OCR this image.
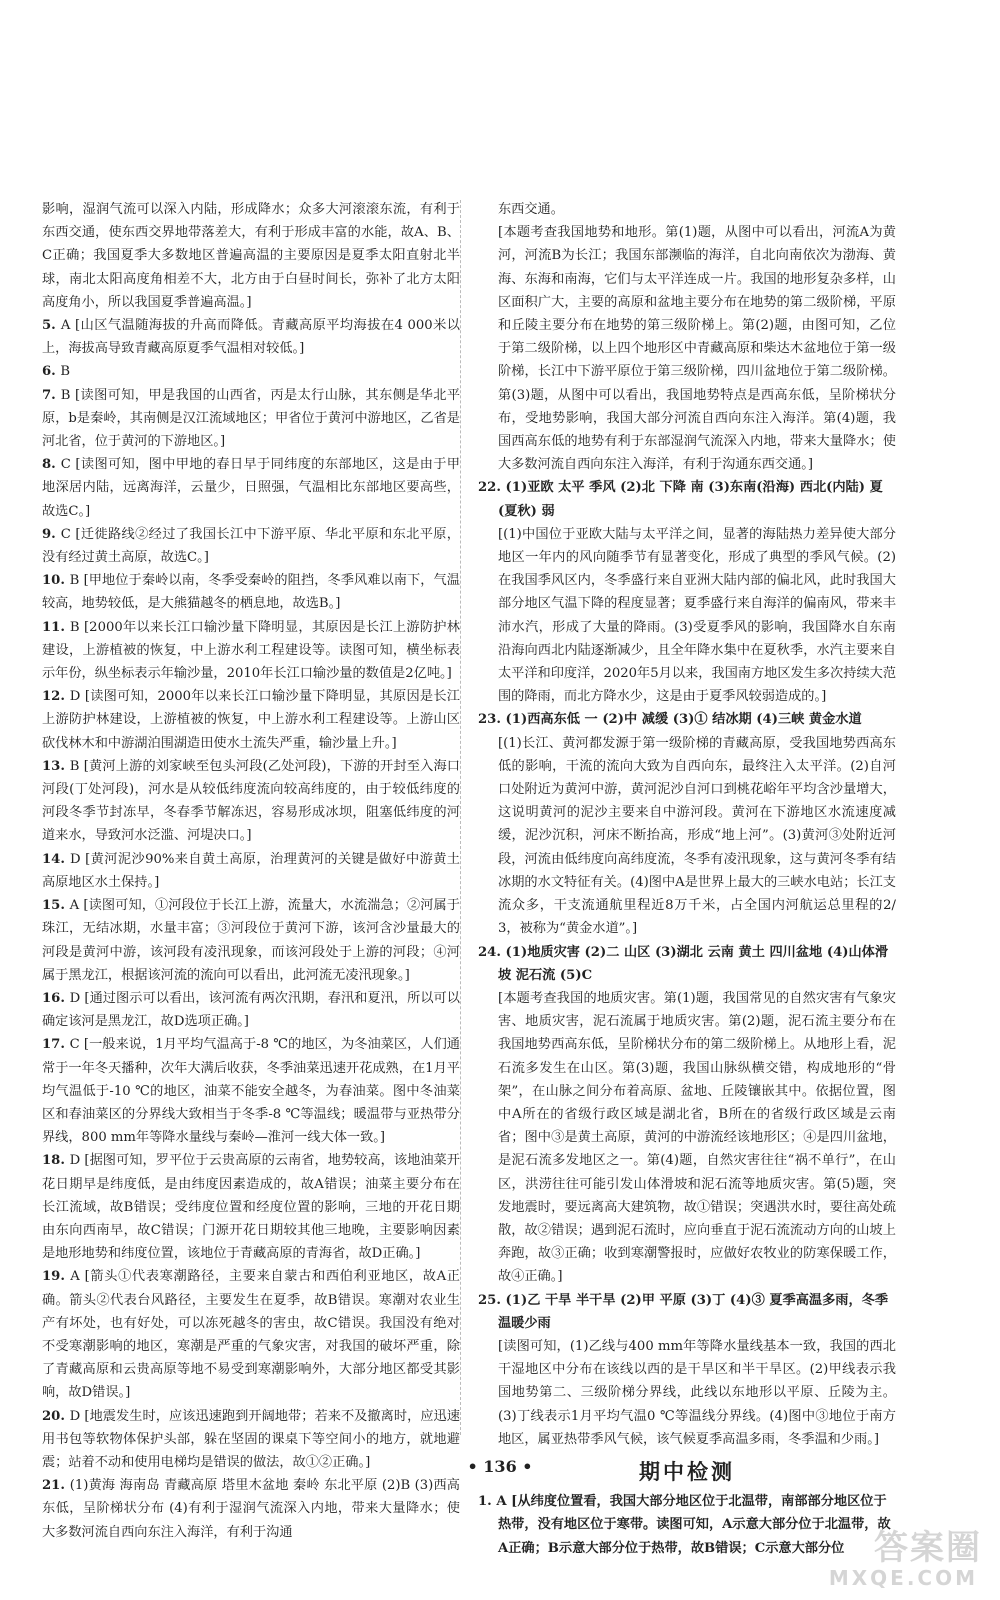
影响，湿润气流可以深入内陆，形成降水；众多大河滚滚东流，有利于东西交通，使东西交界地带落差大，有利于形成丰富的水能，故A、B、C正确；我国夏季大多数地区普遍高温的主要原因是夏季太阳直射北半球，南北太阳高度角相差不大，北方由于白昼时间长，弥补了北方太阳高度角小，所以我国夏季普遍高温。]

5. A [山区气温随海拔的升高而降低。青藏高原平均海拔在4 000米以上，海拔高导致青藏高原夏季气温相对较低。]

6. B

7. B [读图可知，甲是我国的山西省，丙是太行山脉，其东侧是华北平原，b是秦岭，其南侧是汉江流域地区；甲省位于黄河中游地区，乙省是河北省，位于黄河的下游地区。]

8. C [读图可知，图中甲地的春日早于同纬度的东部地区，这是由于甲地深居内陆，远离海洋，云量少，日照强，气温相比东部地区要高些，故选C。]

9. C [迁徙路线②经过了我国长江中下游平原、华北平原和东北平原，没有经过黄土高原，故选C。]

10. B [甲地位于秦岭以南，冬季受秦岭的阻挡，冬季风难以南下，气温较高，地势较低，是大熊猫越冬的栖息地，故选B。]

11. B [2000年以来长江口输沙量下降明显，其原因是长江上游防护林建设，上游植被的恢复，中上游水利工程建设等。读图可知，横坐标表示年份，纵坐标表示年输沙量，2010年长江口输沙量的数值是2亿吨。]

12. D [读图可知，2000年以来长江口输沙量下降明显，其原因是长江上游防护林建设，上游植被的恢复，中上游水利工程建设等。上游山区砍伐林木和中游湖泊围湖造田使水土流失严重，输沙量上升。]

13. B [黄河上游的刘家峡至包头河段(乙处河段)，下游的开封至入海口河段(丁处河段)，河水是从较低纬度流向较高纬度的，由于较低纬度的河段冬季节封冻早，冬春季节解冻迟，容易形成冰坝，阻塞低纬度的河道来水，导致河水泛滥、河堤决口。]

14. D [黄河泥沙90%来自黄土高原，治理黄河的关键是做好中游黄土高原地区水土保持。]

15. A [读图可知，①河段位于长江上游，流量大，水流湍急；②河属于珠江，无结冰期，水量丰富；③河段位于黄河下游，该河含沙量最大的河段是黄河中游，该河段有凌汛现象，而该河段处于上游的河段；④河属于黑龙江，根据该河流的流向可以看出，此河流无凌汛现象。]

16. D [通过图示可以看出，该河流有两次汛期，春汛和夏汛，所以可以确定该河是黑龙江，故D选项正确。]

17. C [一般来说，1月平均气温高于-8 ℃的地区，为冬油菜区，人们通常于一年冬天播种，次年大满后收获，冬季油菜迅速开花成熟，在1月平均气温低于-10 ℃的地区，油菜不能安全越冬，为春油菜。图中冬油菜区和春油菜区的分界线大致相当于冬季-8 ℃等温线；暖温带与亚热带分界线，800 mm年等降水量线与秦岭—淮河一线大体一致。]

18. D [据图可知，罗平位于云贵高原的云南省，地势较高，该地油菜开花日期早是纬度低，是由纬度因素造成的，故A错误；油菜主要分布在长江流域，故B错误；受纬度位置和经度位置的影响，三地的开花日期由东向西南早，故C错误；门源开花日期较其他三地晚，主要影响因素是地形地势和纬度位置，该地位于青藏高原的青海省，故D正确。]

19. A [箭头①代表寒潮路径，主要来自蒙古和西伯利亚地区，故A正确。箭头②代表台风路径，主要发生在夏季，故B错误。寒潮对农业生产有坏处，也有好处，可以冻死越冬的害虫，故C错误。我国没有绝对不受寒潮影响的地区，寒潮是严重的气象灾害，对我国的破坏严重，除了青藏高原和云贵高原等地不易受到寒潮影响外，大部分地区都受其影响，故D错误。]

20. D [地震发生时，应该迅速跑到开阔地带；若来不及撤离时，应迅速用书包等软物体保护头部，躲在坚固的课桌下等空间小的地方，就地避震；站着不动和使用电梯均是错误的做法，故①②正确。]

21. (1)黄海 海南岛 青藏高原 塔里木盆地 秦岭 东北平原 (2)B (3)西高东低，呈阶梯状分布 (4)有利于湿润气流深入内地，带来大量降水；使大多数河流自西向东注入海洋，有利于沟通

东西交通。

[本题考查我国地势和地形。第(1)题，从图中可以看出，河流A为黄河，河流B为长江；我国东部濒临的海洋，自北向南依次为渤海、黄海、东海和南海，它们与太平洋连成一片。我国的地形复杂多样，山区面积广大，主要的高原和盆地主要分布在地势的第二级阶梯，平原和丘陵主要分布在地势的第三级阶梯上。第(2)题，由图可知，乙位于第二级阶梯，以上四个地形区中青藏高原和柴达木盆地位于第一级阶梯，长江中下游平原位于第三级阶梯，四川盆地位于第二级阶梯。第(3)题，从图中可以看出，我国地势特点是西高东低，呈阶梯状分布，受地势影响，我国大部分河流自西向东注入海洋。第(4)题，我国西高东低的地势有利于东部湿润气流深入内地，带来大量降水；使大多数河流自西向东注入海洋，有利于沟通东西交通。]

22. (1)亚欧 太平 季风 (2)北 下降 南 (3)东南(沿海) 西北(内陆) 夏(夏秋) 弱

[(1)中国位于亚欧大陆与太平洋之间，显著的海陆热力差异使大部分地区一年内的风向随季节有显著变化，形成了典型的季风气候。(2)在我国季风区内，冬季盛行来自亚洲大陆内部的偏北风，此时我国大部分地区气温下降的程度显著；夏季盛行来自海洋的偏南风，带来丰沛水汽，形成了大量的降雨。(3)受夏季风的影响，我国降水自东南沿海向西北内陆逐渐减少，且全年降水集中在夏秋季，水汽主要来自太平洋和印度洋，2020年5月以来，我国南方地区发生多次持续大范围的降雨，而北方降水少，这是由于夏季风较弱造成的。]

23. (1)西高东低 一 (2)中 减缓 (3)① 结冰期 (4)三峡 黄金水道

[(1)长江、黄河都发源于第一级阶梯的青藏高原，受我国地势西高东低的影响，干流的流向大致为自西向东，最终注入太平洋。(2)自河口处附近为黄河中游，黄河泥沙自河口到桃花峪年平均含沙量增大，这说明黄河的泥沙主要来自中游河段。黄河在下游地区水流速度减缓，泥沙沉积，河床不断抬高，形成“地上河”。(3)黄河③处附近河段，河流由低纬度向高纬度流，冬季有凌汛现象，这与黄河冬季有结冰期的水文特征有关。(4)图中A是世界上最大的三峡水电站；长江支流众多，干支流通航里程近8万千米，占全国内河航运总里程的2/3，被称为“黄金水道”。]

24. (1)地质灾害 (2)二 山区 (3)湖北 云南 黄土 四川盆地 (4)山体滑坡 泥石流 (5)C

[本题考查我国的地质灾害。第(1)题，我国常见的自然灾害有气象灾害、地质灾害，泥石流属于地质灾害。第(2)题，泥石流主要分布在我国地势西高东低，呈阶梯状分布的第二级阶梯上。从地形上看，泥石流多发生在山区。第(3)题，我国山脉纵横交错，构成地形的“骨架”，在山脉之间分布着高原、盆地、丘陵镶嵌其中。依据位置，图中A所在的省级行政区域是湖北省，B所在的省级行政区域是云南省；图中③是黄土高原，黄河的中游流经该地形区；④是四川盆地，是泥石流多发地区之一。第(4)题，自然灾害往往“祸不单行”，在山区，洪涝往往可能引发山体滑坡和泥石流等地质灾害。第(5)题，突发地震时，要远离高大建筑物，故①错误；突遇洪水时，要往高处疏散，故②错误；遇到泥石流时，应向垂直于泥石流流动方向的山坡上奔跑，故③正确；收到寒潮警报时，应做好农牧业的防寒保暖工作，故④正确。]

25. (1)乙 干旱 半干旱 (2)甲 平原 (3)丁 (4)③ 夏季高温多雨，冬季温暖少雨

[读图可知，(1)乙线与400 mm年等降水量线基本一致，我国的西北干湿地区中分布在该线以西的是干旱区和半干旱区。(2)甲线表示我国地势第二、三级阶梯分界线，此线以东地形以平原、丘陵为主。(3)丁线表示1月平均气温0 ℃等温线分界线。(4)图中③地位于南方地区，属亚热带季风气候，该气候夏季高温多雨，冬季温和少雨。]

期中检测

1. A [从纬度位置看，我国大部分地区位于北温带，南部部分地区位于热带，没有地区位于寒带。读图可知，A示意大部分位于北温带，故A正确；B示意大部分位于热带，故B错误；C示意大部分位

• 136 •
答案圈
MXQE.COM
